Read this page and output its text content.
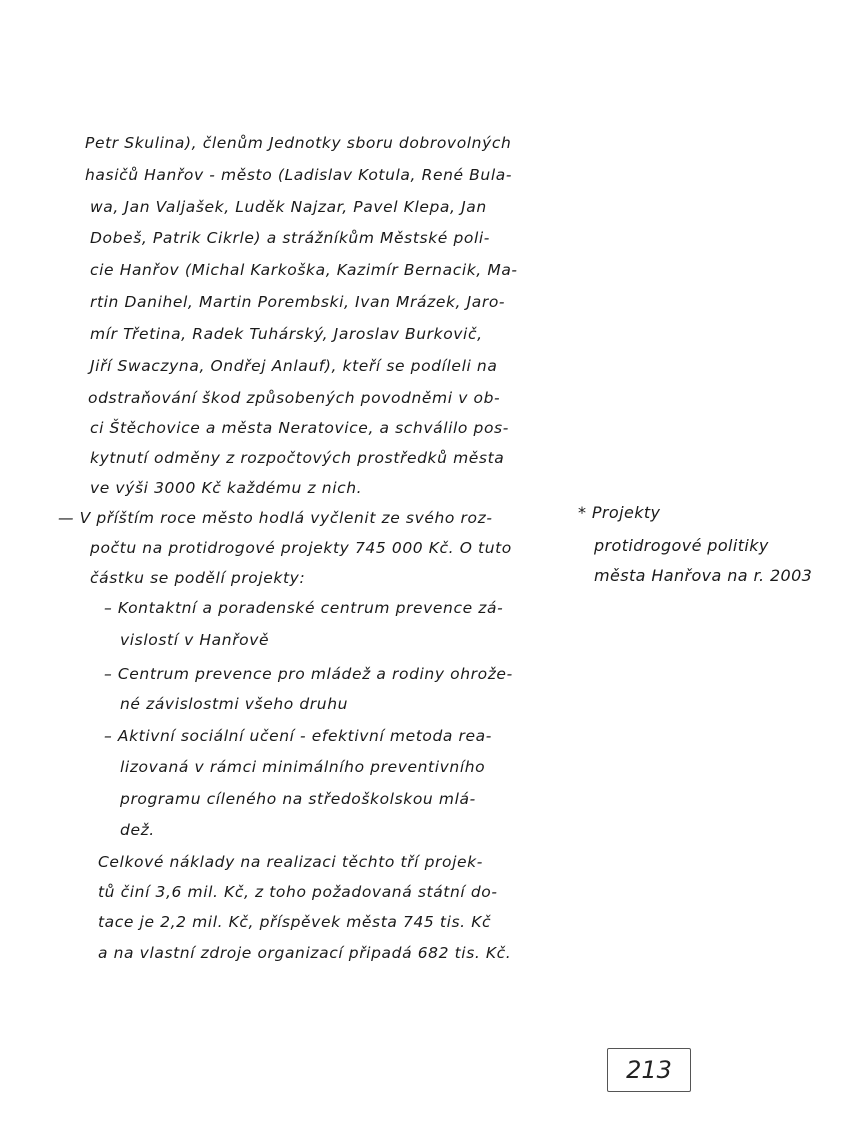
Petr Skulina), členům Jednotky sboru dobrovolných
hasičů Hanřov - město (Ladislav Kotula, René Bula-
wa, Jan Valjašek, Luděk Najzar, Pavel Klepa, Jan
Dobeš, Patrik Cikrle) a strážníkům Městské poli-
cie Hanřov (Michal Karkoška, Kazimír Bernacik, Ma-
rtin Danihel, Martin Porembski, Ivan Mrázek, Jaro-
mír Třetina, Radek Tuhárský, Jaroslav Burkovič,
Jiří Swaczyna, Ondřej Anlauf), kteří se podíleli na
odstraňování škod způsobených povodněmi v ob-
ci Štěchovice a města Neratovice, a schválilo pos-
kytnutí odměny z rozpočtových prostředků města
ve výši 3000 Kč každému z nich.
— V příštím roce město hodlá vyčlenit ze svého roz-
počtu na protidrogové projekty 745 000 Kč. O tuto
částku se podělí projekty:
– Kontaktní a poradenské centrum prevence zá-
vislostí v Hanřově
– Centrum prevence pro mládež a rodiny ohrože-
né závislostmi všeho druhu
– Aktivní sociální učení - efektivní metoda rea-
lizovaná v rámci minimálního preventivního
programu cíleného na středoškolskou mlá-
dež.
Celkové náklady na realizaci těchto tří projek-
tů činí 3,6 mil. Kč, z toho požadovaná státní do-
tace je 2,2 mil. Kč, příspěvek města 745 tis. Kč
a na vlastní zdroje organizací připadá 682 tis. Kč.
* Projekty
protidrogové politiky
města Hanřova na r. 2003
213
